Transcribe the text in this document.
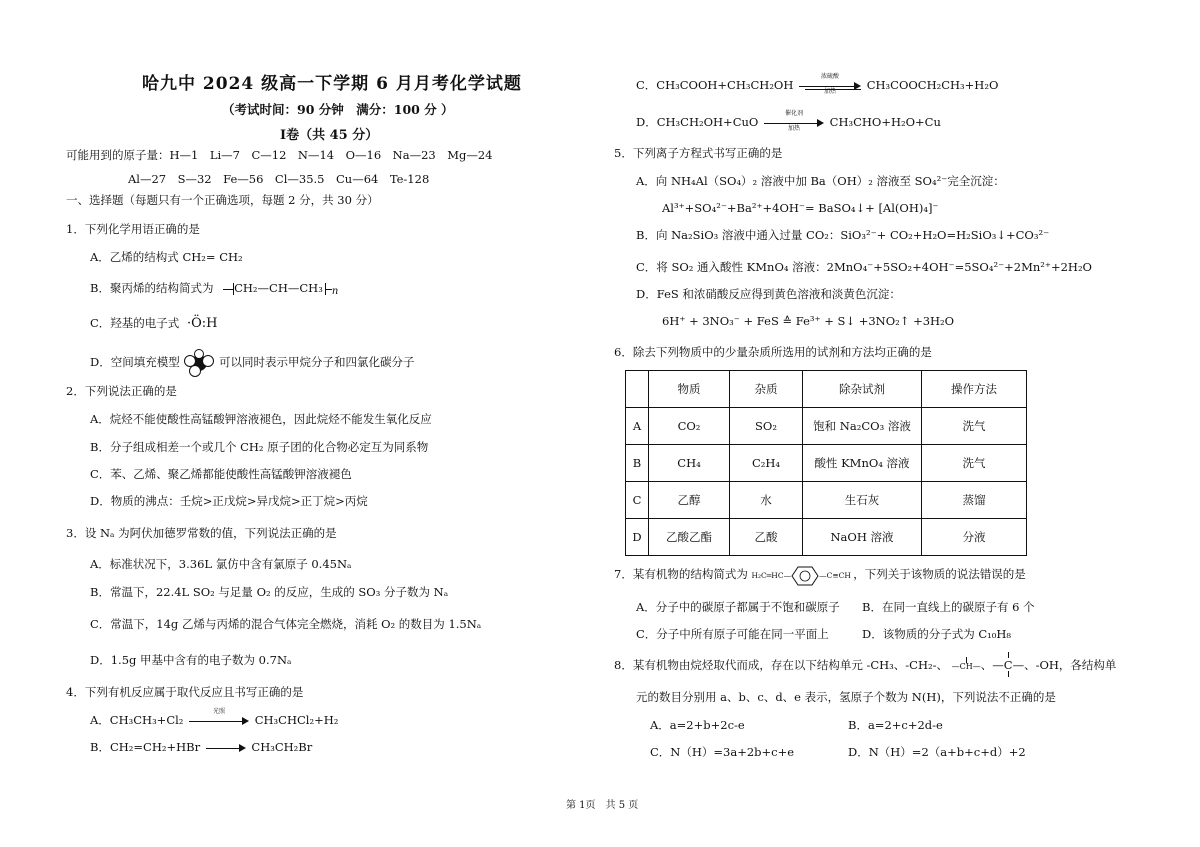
哈九中 2024 级高一下学期 6 月月考化学试题
（考试时间：90 分钟　满分：100 分 ）
Ⅰ卷（共 45 分）
可能用到的原子量：H—1　Li—7　C—12　N—14　O—16　Na—23　Mg—24
Al—27　S—32　Fe—56　Cl—35.5　Cu—64　Te-128
一、选择题（每题只有一个正确选项，每题 2 分，共 30 分）
1．下列化学用语正确的是
A．乙烯的结构式 CH₂= CH₂
B．聚丙烯的结构简式为 CH₂—CH—CH₃ $_n$
C．羟基的电子式 ·Ö:H
D．空间填充模型	可以同时表示甲烷分子和四氯化碳分子
2．下列说法正确的是
A．烷烃不能使酸性高锰酸钾溶液褪色，因此烷烃不能发生氧化反应
B．分子组成相差一个或几个 CH₂ 原子团的化合物必定互为同系物
C．苯、乙烯、聚乙烯都能使酸性高锰酸钾溶液褪色
D．物质的沸点：壬烷>正戊烷>异戊烷>正丁烷>丙烷
3．设 Nₐ 为阿伏加德罗常数的值，下列说法正确的是
A．标准状况下，3.36L 氯仿中含有氯原子 0.45Nₐ
B．常温下，22.4L SO₂ 与足量 O₂ 的反应，生成的 SO₃ 分子数为 Nₐ
C．常温下，14g 乙烯与丙烯的混合气体完全燃烧，消耗 O₂ 的数目为 1.5Nₐ
D．1.5g 甲基中含有的电子数为 0.7Nₐ
4．下列有机反应属于取代反应且书写正确的是
A．CH₃CH₃+Cl₂
光照
CH₃CHCl₂+H₂
B．CH₂=CH₂+HBr	CH₃CH₂Br
C．CH₃COOH+CH₃CH₂OH
浓硫酸
加热	CH₃COOCH₂CH₃+H₂O
D．CH₃CH₂OH+CuO
催化剂
加热	CH₃CHO+H₂O+Cu
5．下列离子方程式书写正确的是
A．向 NH₄Al（SO₄）₂ 溶液中加 Ba（OH）₂ 溶液至 SO₄²⁻完全沉淀：
Al³⁺+SO₄²⁻+Ba²⁺+4OH⁻= BaSO₄↓+ [Al(OH)₄]⁻
B．向 Na₂SiO₃ 溶液中通入过量 CO₂：SiO₃²⁻+ CO₂+H₂O=H₂SiO₃↓+CO₃²⁻
C．将 SO₂ 通入酸性 KMnO₄ 溶液：2MnO₄⁻+5SO₂+4OH⁻=5SO₄²⁻+2Mn²⁺+2H₂O
D．FeS 和浓硝酸反应得到黄色溶液和淡黄色沉淀：
6H⁺ + 3NO₃⁻ + FeS ≙ Fe³⁺ + S↓ +3NO₂↑ +3H₂O
6．除去下列物质中的少量杂质所选用的试剂和方法均正确的是
	物质	杂质	除杂试剂	操作方法
A	CO₂	SO₂	饱和 Na₂CO₃ 溶液	洗气
B	CH₄	C₂H₄	酸性 KMnO₄ 溶液	洗气
C	乙醇	水	生石灰	蒸馏
D	乙酸乙酯	乙酸	NaOH 溶液	分液
7．某有机物的结构简式为 H₂C═HC—	—C≡CH ，下列关于该物质的说法错误的是
A．分子中的碳原子都属于不饱和碳原子 B．在同一直线上的碳原子有 6 个
C．分子中所有原子可能在同一平面上	D．该物质的分子式为 C₁₀H₈
8．某有机物由烷烃取代而成，存在以下结构单元 -CH₃、-CH₂-、 —CH—、
—C—
、-OH，各结构单
元的数目分别用 a、b、c、d、e 表示，氢原子个数为 N(H)，下列说法不正确的是
A．a=2+b+2c-e	B．a=2+c+2d-e
C．N（H）=3a+2b+c+e	D．N（H）=2（a+b+c+d）+2
第 1页　共 5 页
